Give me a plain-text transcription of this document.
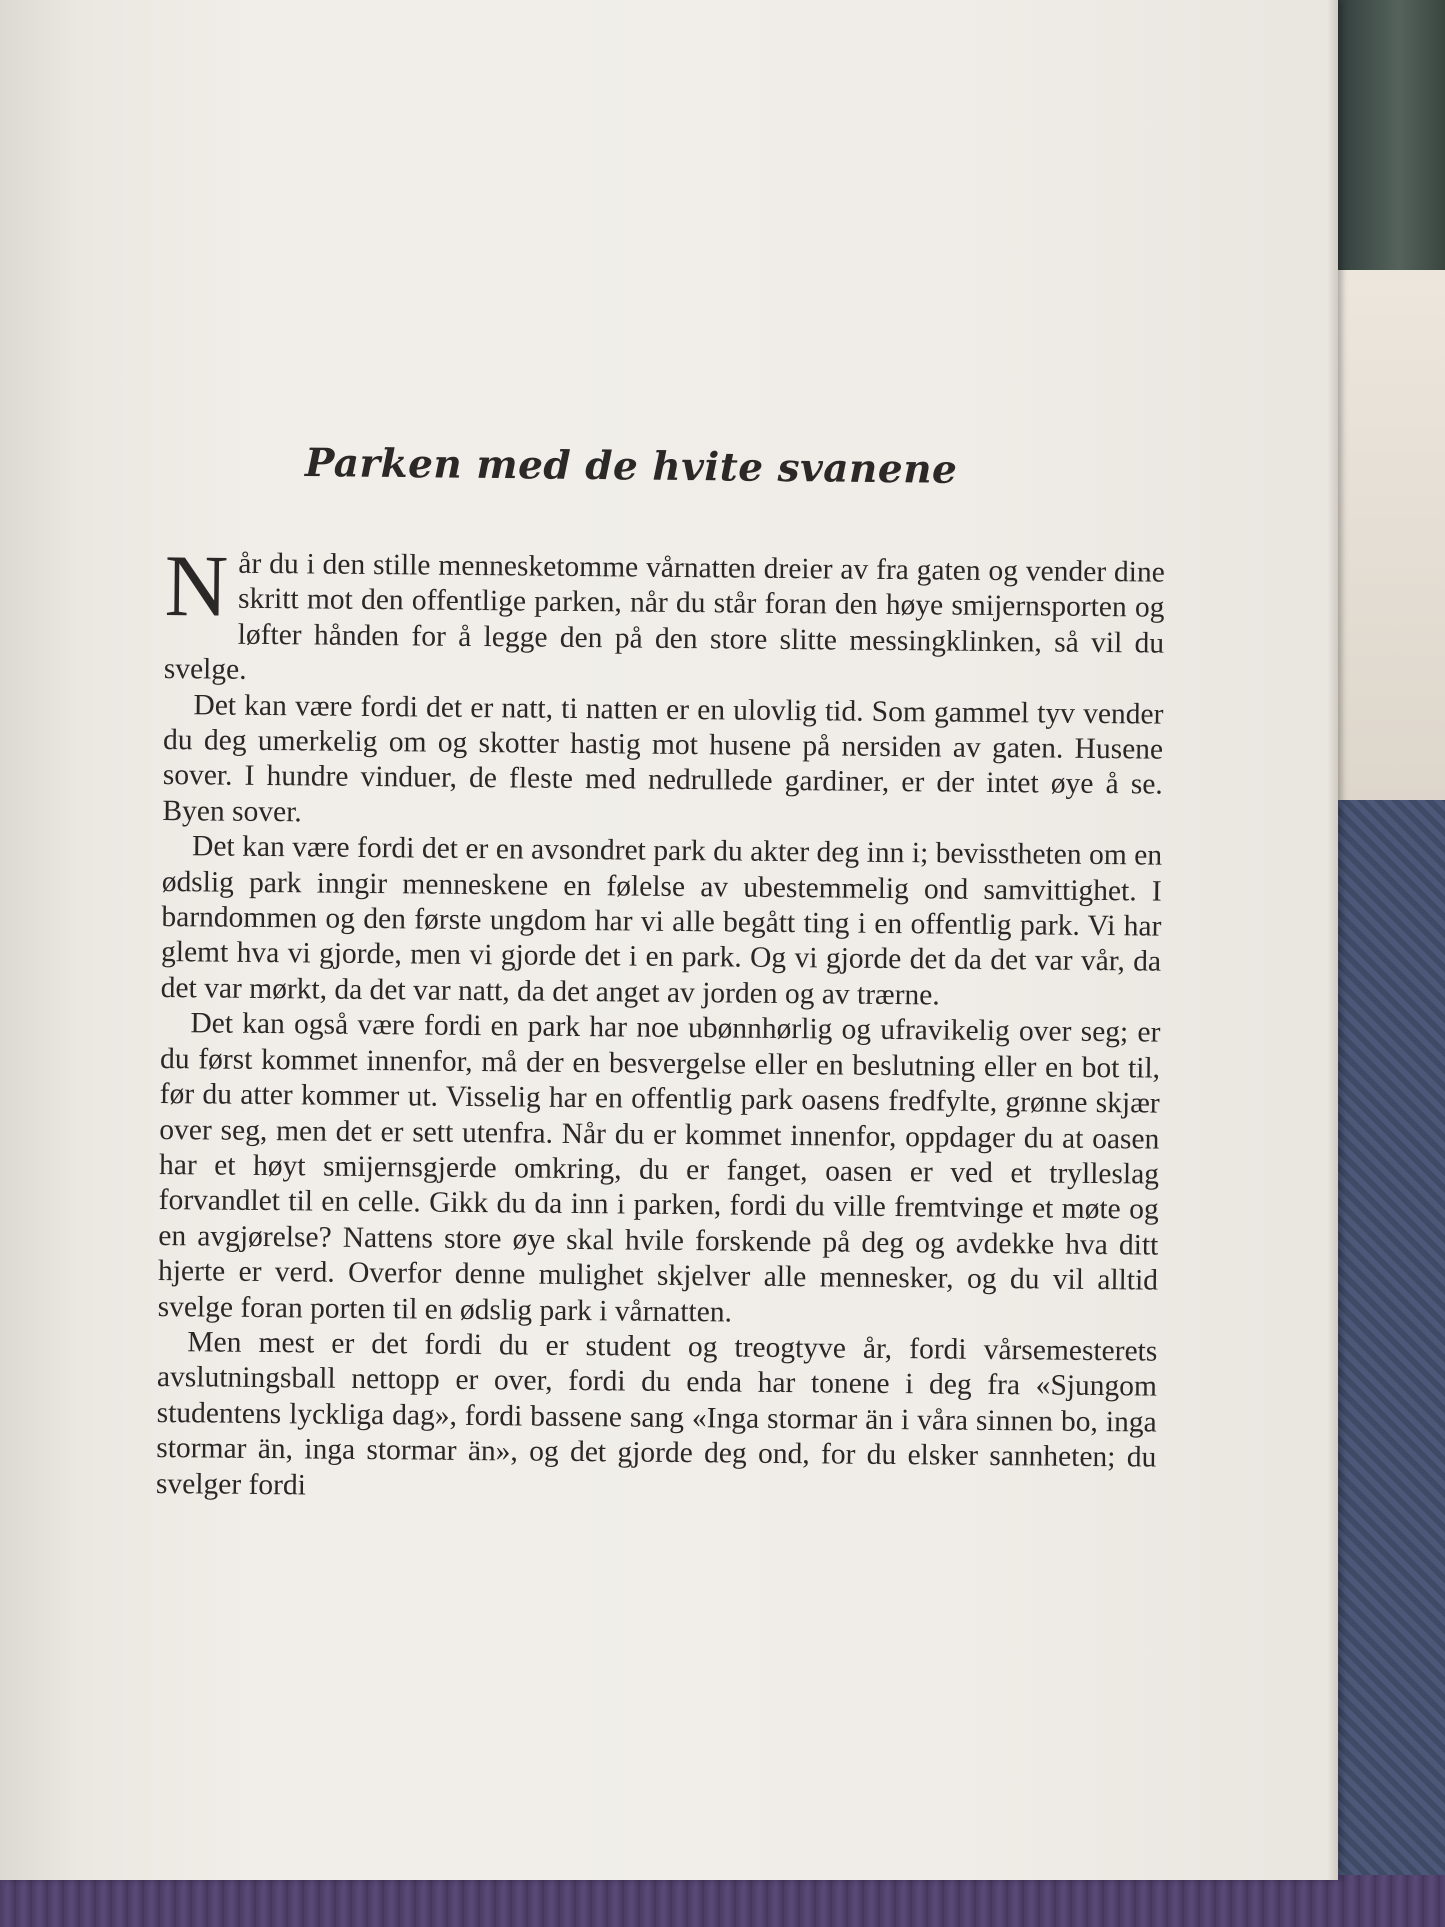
Parken med de hvite svanene

Når du i den stille mennesketomme vårnatten dreier av fra gaten og vender dine skritt mot den offentlige parken, når du står foran den høye smijernsporten og løfter hånden for å legge den på den store slitte messingklinken, så vil du svelge.

Det kan være fordi det er natt, ti natten er en ulovlig tid. Som gammel tyv vender du deg umerkelig om og skotter hastig mot husene på nersiden av gaten. Husene sover. I hundre vinduer, de fleste med nedrullede gardiner, er der intet øye å se. Byen sover.

Det kan være fordi det er en avsondret park du akter deg inn i; bevisstheten om en ødslig park inngir menneskene en følelse av ubestemmelig ond samvittighet. I barndommen og den første ungdom har vi alle begått ting i en offentlig park. Vi har glemt hva vi gjorde, men vi gjorde det i en park. Og vi gjorde det da det var vår, da det var mørkt, da det var natt, da det anget av jorden og av trærne.

Det kan også være fordi en park har noe ubønnhørlig og ufravikelig over seg; er du først kommet innenfor, må der en besvergelse eller en beslutning eller en bot til, før du atter kommer ut. Visselig har en offentlig park oasens fredfylte, grønne skjær over seg, men det er sett utenfra. Når du er kommet innenfor, oppdager du at oasen har et høyt smijernsgjerde omkring, du er fanget, oasen er ved et trylleslag forvandlet til en celle. Gikk du da inn i parken, fordi du ville fremtvinge et møte og en avgjørelse? Nattens store øye skal hvile forskende på deg og avdekke hva ditt hjerte er verd. Overfor denne mulighet skjelver alle mennesker, og du vil alltid svelge foran porten til en ødslig park i vårnatten.

Men mest er det fordi du er student og treogtyve år, fordi vårsemesterets avslutningsball nettopp er over, fordi du enda har tonene i deg fra «Sjungom studentens lyckliga dag», fordi bassene sang «Inga stormar än i våra sinnen bo, inga stormar än, inga stormar än», og det gjorde deg ond, for du elsker sannheten; du svelger fordi
